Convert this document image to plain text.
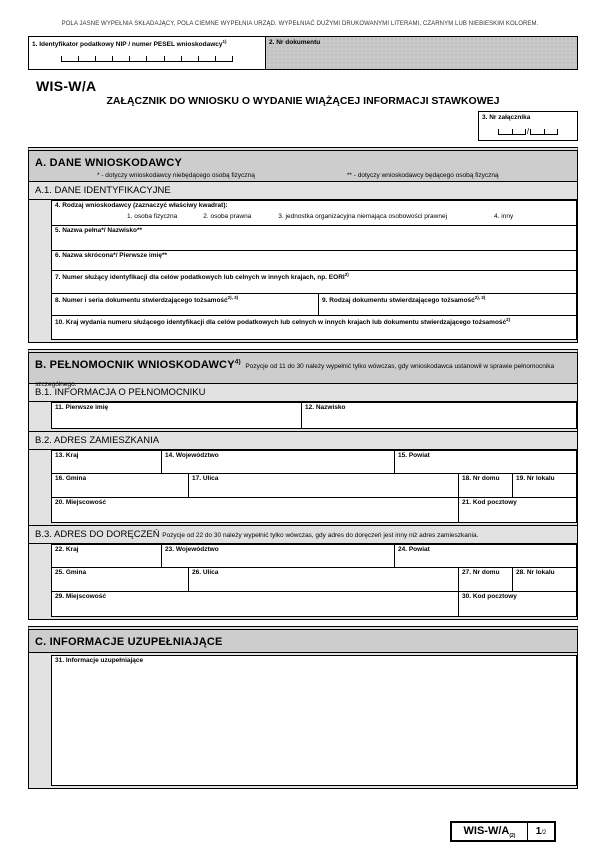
POLA JASNE WYPEŁNIA SKŁADAJĄCY, POLA CIEMNE WYPEŁNIA URZĄD. WYPEŁNIAĆ DUŻYMI DRUKOWANYMI LITERAMI, CZARNYM LUB NIEBIESKIM KOLOREM.
1. Identyfikator podatkowy NIP / numer PESEL wnioskodawcy$^{1)}$	2. Nr dokumentu
WIS-W/A
ZAŁĄCZNIK DO WNIOSKU O WYDANIE WIĄŻĄCEJ INFORMACJI STAWKOWEJ
3. Nr załącznika
/
A. DANE WNIOSKODAWCY
* - dotyczy wnioskodawcy niebędącego osobą fizyczną	** - dotyczy wnioskodawcy będącego osobą fizyczną
A.1. DANE IDENTYFIKACYJNE
4. Rodzaj wnioskodawcy (zaznaczyć właściwy kwadrat):
1. osoba fizyczna	2. osoba prawna	3. jednostka organizacyjna niemająca osobowości prawnej	4. inny
5. Nazwa pełna*/ Nazwisko**
6. Nazwa skrócona*/ Pierwsze imię**
7. Numer służący identyfikacji dla celów podatkowych lub celnych w innych krajach, np. EORI$^{2)}$
8. Numer i seria dokumentu stwierdzającego tożsamość$^{2), 3)}$	9. Rodzaj dokumentu stwierdzającego tożsamość$^{2), 3)}$
10. Kraj wydania numeru służącego identyfikacji dla celów podatkowych lub celnych w innych krajach lub dokumentu stwierdzającego tożsamość$^{2)}$
B. PEŁNOMOCNIK WNIOSKODAWCY$^{4)}$ Pozycje od 11 do 30 należy wypełnić tylko wówczas, gdy wnioskodawca ustanowił w sprawie pełnomocnika szczególnego.
B.1. INFORMACJA O PEŁNOMOCNIKU
11. Pierwsze imię	12. Nazwisko
B.2. ADRES ZAMIESZKANIA
13. Kraj	14. Województwo	15. Powiat
16. Gmina	17. Ulica	18. Nr domu	19. Nr lokalu
20. Miejscowość	21. Kod pocztowy
B.3. ADRES DO DORĘCZEŃ Pozycje od 22 do 30 należy wypełnić tylko wówczas, gdy adres do doręczeń jest inny niż adres zamieszkania.
22. Kraj	23. Województwo	24. Powiat
25. Gmina	26. Ulica	27. Nr domu	28. Nr lokalu
29. Miejscowość	30. Kod pocztowy
C. INFORMACJE UZUPEŁNIAJĄCE
31. Informacje uzupełniające
WIS-$W/A_{(2)}$	1/2
